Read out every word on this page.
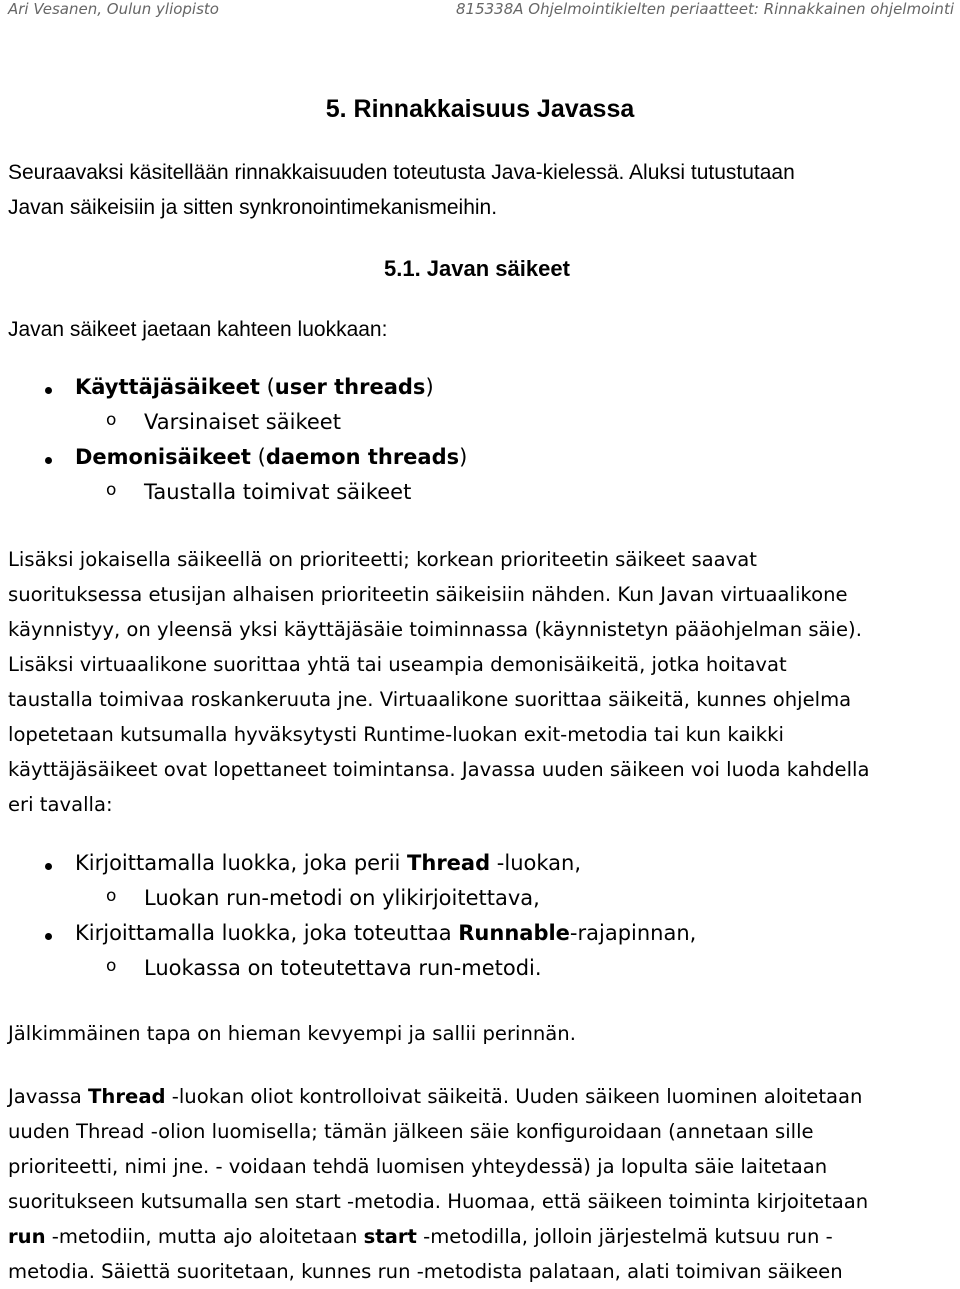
Ari Vesanen, Oulun yliopisto	815338A Ohjelmointikielten periaatteet: Rinnakkainen ohjelmointi
5. Rinnakkaisuus Javassa
Seuraavaksi käsitellään rinnakkaisuuden toteutusta Java-kielessä. Aluksi tutustutaan
Javan säikeisiin ja sitten synkronointimekanismeihin.
5.1. Javan säikeet
Javan säikeet jaetaan kahteen luokkaan:
Käyttäjäsäikeet (user threads)
o Varsinaiset säikeet
Demonisäikeet (daemon threads)
o Taustalla toimivat säikeet
Lisäksi jokaisella säikeellä on prioriteetti; korkean prioriteetin säikeet saavat
suorituksessa etusijan alhaisen prioriteetin säikeisiin nähden. Kun Javan virtuaalikone
käynnistyy, on yleensä yksi käyttäjäsäie toiminnassa (käynnistetyn pääohjelman säie).
Lisäksi virtuaalikone suorittaa yhtä tai useampia demonisäikeitä, jotka hoitavat
taustalla toimivaa roskankeruuta jne. Virtuaalikone suorittaa säikeitä, kunnes ohjelma
lopetetaan kutsumalla hyväksytysti Runtime-luokan exit-metodia tai kun kaikki
käyttäjäsäikeet ovat lopettaneet toimintansa. Javassa uuden säikeen voi luoda kahdella
eri tavalla:
Kirjoittamalla luokka, joka perii Thread -luokan,
o Luokan run-metodi on ylikirjoitettava,
Kirjoittamalla luokka, joka toteuttaa Runnable-rajapinnan,
o Luokassa on toteutettava run-metodi.
Jälkimmäinen tapa on hieman kevyempi ja sallii perinnän.
Javassa Thread -luokan oliot kontrolloivat säikeitä. Uuden säikeen luominen aloitetaan
uuden Thread -olion luomisella; tämän jälkeen säie konfiguroidaan (annetaan sille
prioriteetti, nimi jne. - voidaan tehdä luomisen yhteydessä) ja lopulta säie laitetaan
suoritukseen kutsumalla sen start -metodia. Huomaa, että säikeen toiminta kirjoitetaan
run -metodiin, mutta ajo aloitetaan start -metodilla, jolloin järjestelmä kutsuu run -
metodia. Säiettä suoritetaan, kunnes run -metodista palataan, alati toimivan säikeen
